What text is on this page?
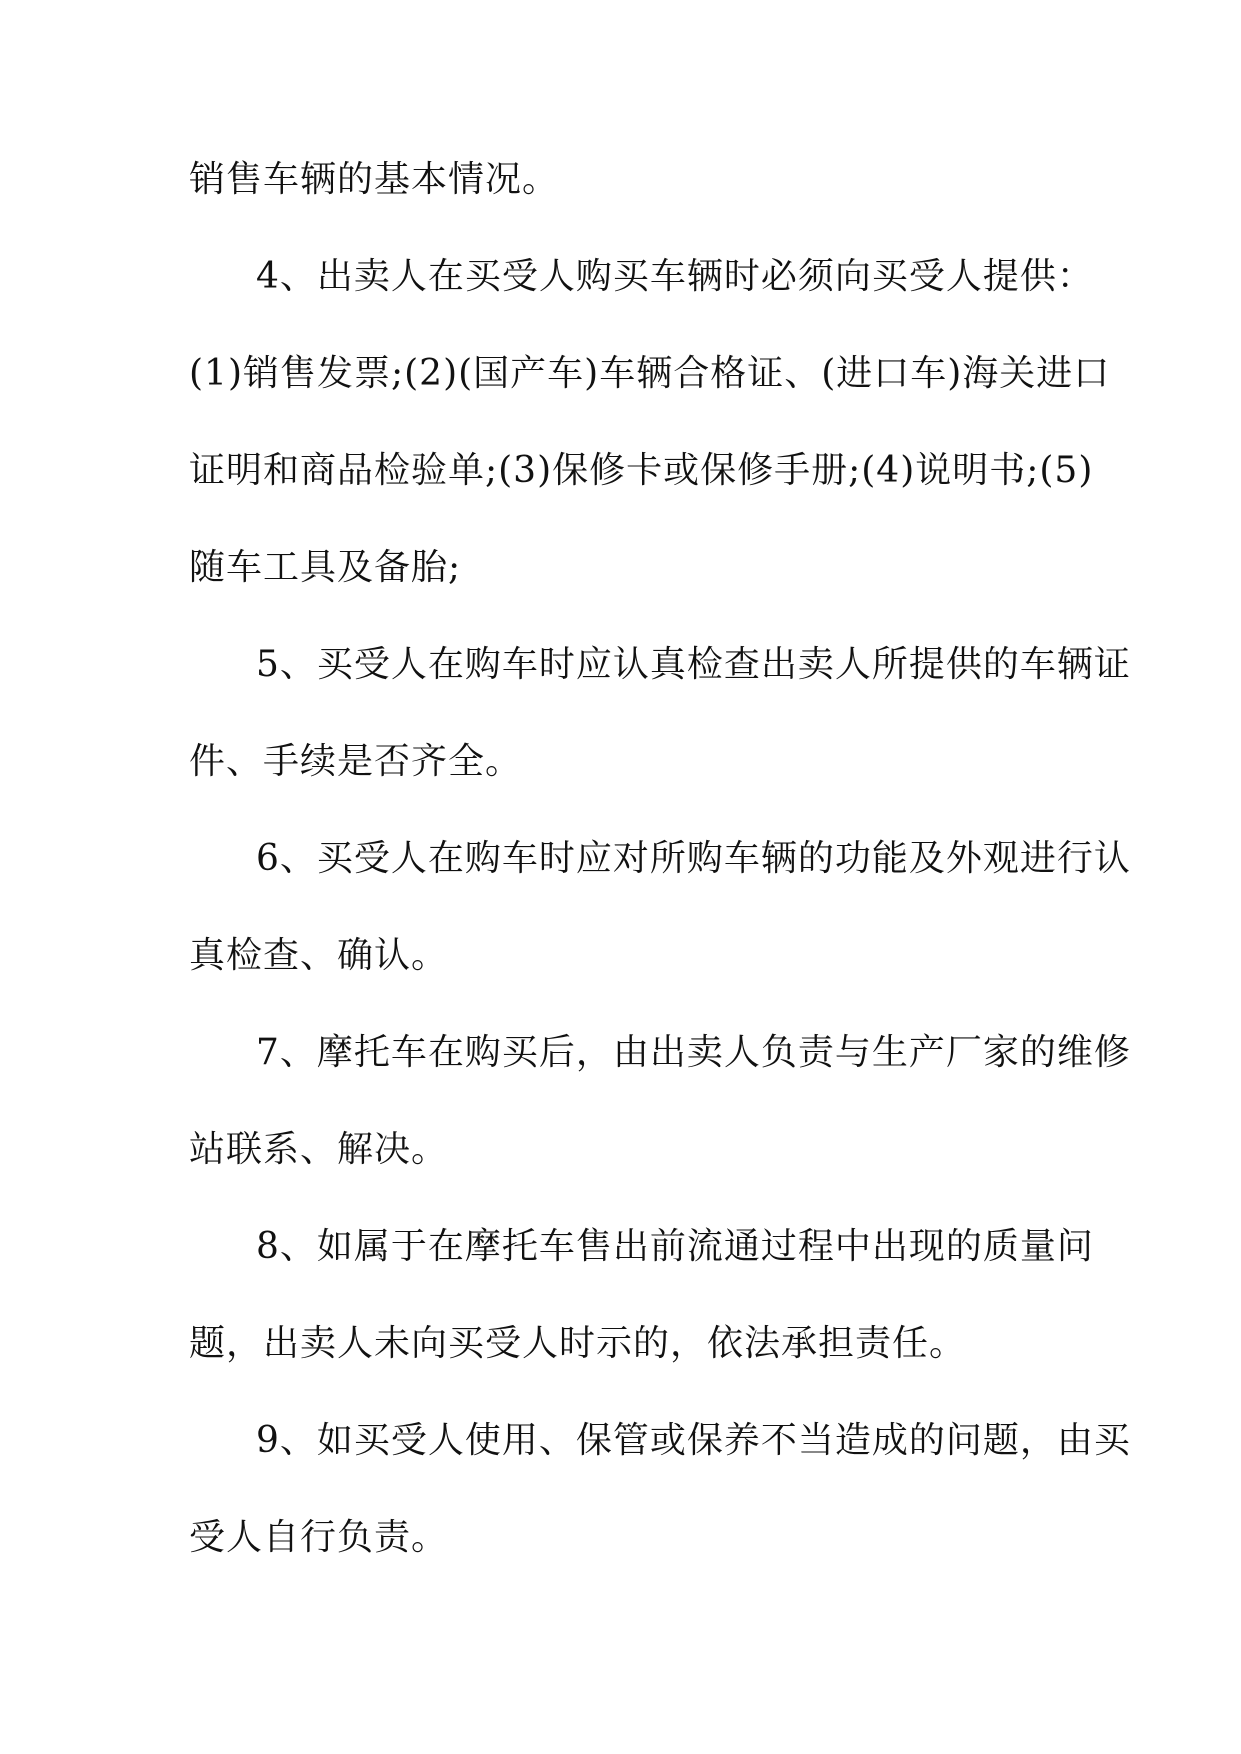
销售车辆的基本情况。

4、出卖人在买受人购买车辆时必须向买受人提供：

(1)销售发票;(2)(国产车)车辆合格证、(进口车)海关进口

证明和商品检验单;(3)保修卡或保修手册;(4)说明书;(5)

随车工具及备胎;

5、买受人在购车时应认真检查出卖人所提供的车辆证

件、手续是否齐全。

6、买受人在购车时应对所购车辆的功能及外观进行认

真检查、确认。

7、摩托车在购买后，由出卖人负责与生产厂家的维修

站联系、解决。

8、如属于在摩托车售出前流通过程中出现的质量问

题，出卖人未向买受人时示的，依法承担责任。

9、如买受人使用、保管或保养不当造成的问题，由买

受人自行负责。
